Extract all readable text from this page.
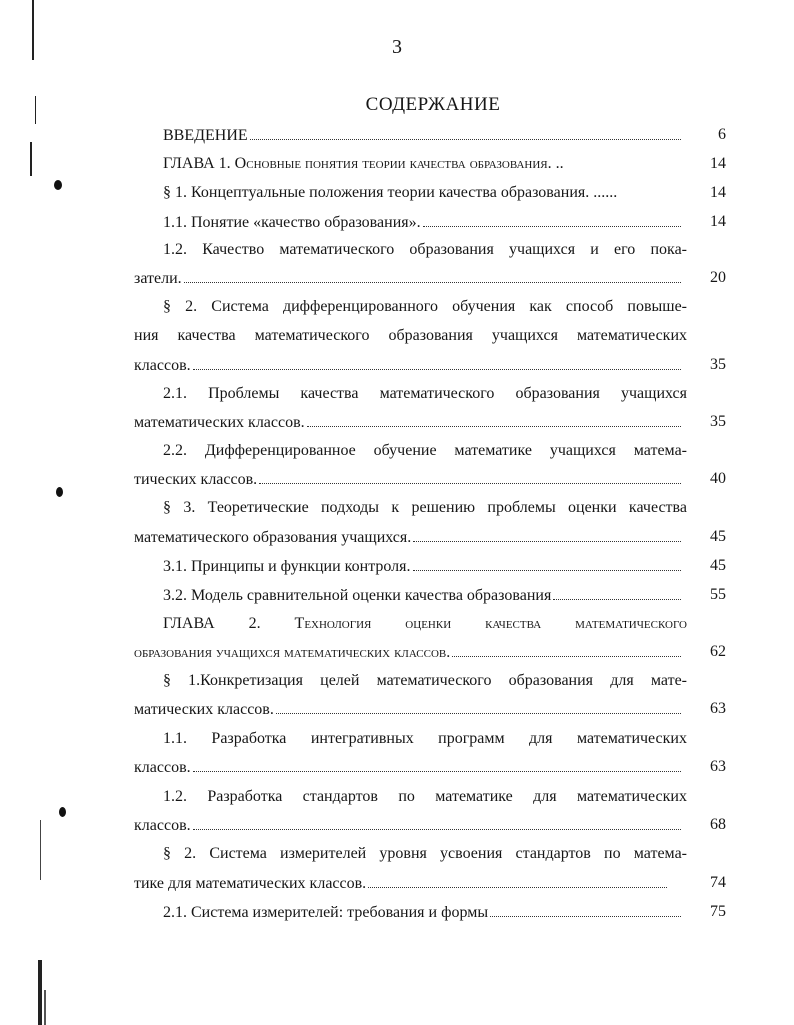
3
СОДЕРЖАНИЕ
ВВЕДЕНИЕ	6
ГЛАВА 1. Основные понятия теории качества образования. ..	14
§ 1. Концептуальные положения теории качества образования. ......	14
1.1. Понятие «качество образования».	14
1.2. Качество математического образования учащихся и его пока-
затели.	20
§ 2. Система дифференцированного обучения как способ повыше-
ния качества математического образования учащихся математических
классов.	35
2.1. Проблемы качества математического образования учащихся
математических классов.	35
2.2. Дифференцированное обучение математике учащихся матема-
тических классов.	40
§ 3. Теоретические подходы к решению проблемы оценки качества
математического образования учащихся.	45
3.1. Принципы и функции контроля.	45
3.2. Модель сравнительной оценки качества образования	55
ГЛАВА 2. Технология оценки качества математического
образования учащихся математических классов.	62
§ 1.Конкретизация целей математического образования для мате-
матических классов.	63
1.1. Разработка интегративных программ для математических
классов.	63
1.2. Разработка стандартов по математике для математических
классов.	68
§ 2. Система измерителей уровня усвоения стандартов по матема-
тике для математических классов.	74
2.1. Система измерителей: требования и формы	75
